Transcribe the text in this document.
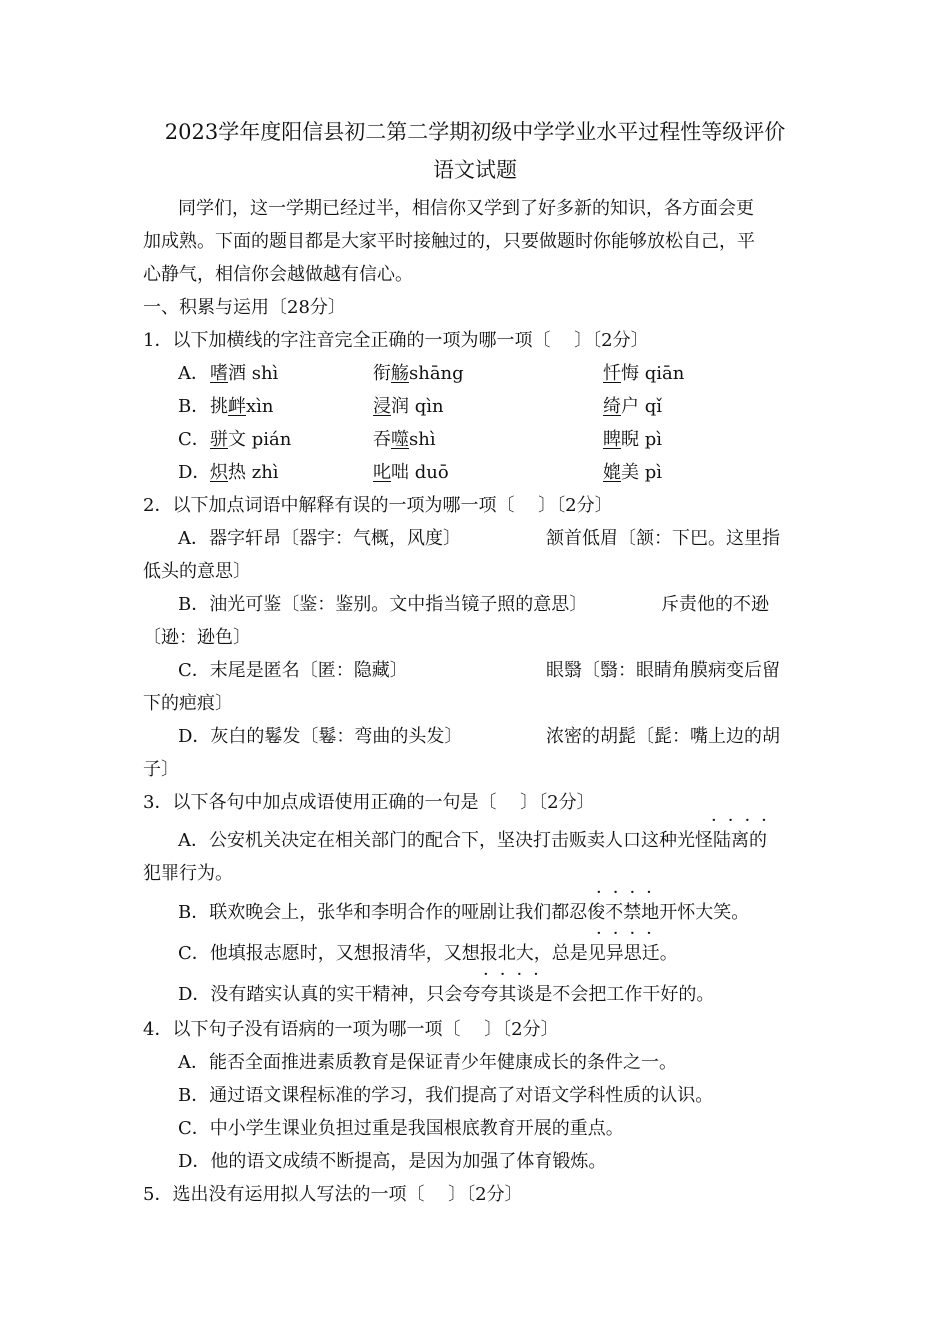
2023学年度阳信县初二第二学期初级中学学业水平过程性等级评价
语文试题
同学们，这一学期已经过半，相信你又学到了好多新的知识，各方面会更
加成熟。下面的题目都是大家平时接触过的，只要做题时你能够放松自己，平
心静气，相信你会越做越有信心。
一、积累与运用〔28分〕
1．以下加横线的字注音完全正确的一项为哪一项〔　 〕〔2分〕
A． 嗜酒 shì	衔觞shāng	忏悔 qiān
B． 挑衅xìn	浸润 qìn	绮户 qǐ
C． 骈文 pián	吞噬shì	睥睨 pì
D． 炽热 zhì	叱咄 duō	媲美 pì
2．以下加点词语中解释有误的一项为哪一项〔　 〕〔2分〕
A．器字轩昂〔器宇：气概，风度〕	颔首低眉〔颔：下巴。这里指
低头的意思〕
B．油光可鉴〔鉴：鉴别。文中指当镜子照的意思〕	斥责他的不逊
〔逊：逊色〕
C．末尾是匿名〔匿：隐藏〕	眼翳〔翳：眼睛角膜病变后留
下的疤痕〕
D．灰白的鬈发〔鬈：弯曲的头发〕	浓密的胡髭〔髭：嘴上边的胡
子〕
3．以下各句中加点成语使用正确的一句是〔　 〕〔2分〕
····
A．公安机关决定在相关部门的配合下，坚决打击贩卖人口这种光怪陆离的
犯罪行为。
····
B．联欢晚会上，张华和李明合作的哑剧让我们都忍俊不禁地开怀大笑。
····
C．他填报志愿时，又想报清华，又想报北大，总是见异思迁。
····
D．没有踏实认真的实干精神，只会夸夸其谈是不会把工作干好的。
4．以下句子没有语病的一项为哪一项〔　 〕〔2分〕
A．能否全面推进素质教育是保证青少年健康成长的条件之一。
B．通过语文课程标准的学习，我们提高了对语文学科性质的认识。
C．中小学生课业负担过重是我国根底教育开展的重点。
D．他的语文成绩不断提高，是因为加强了体育锻炼。
5．选出没有运用拟人写法的一项〔　 〕〔2分〕
